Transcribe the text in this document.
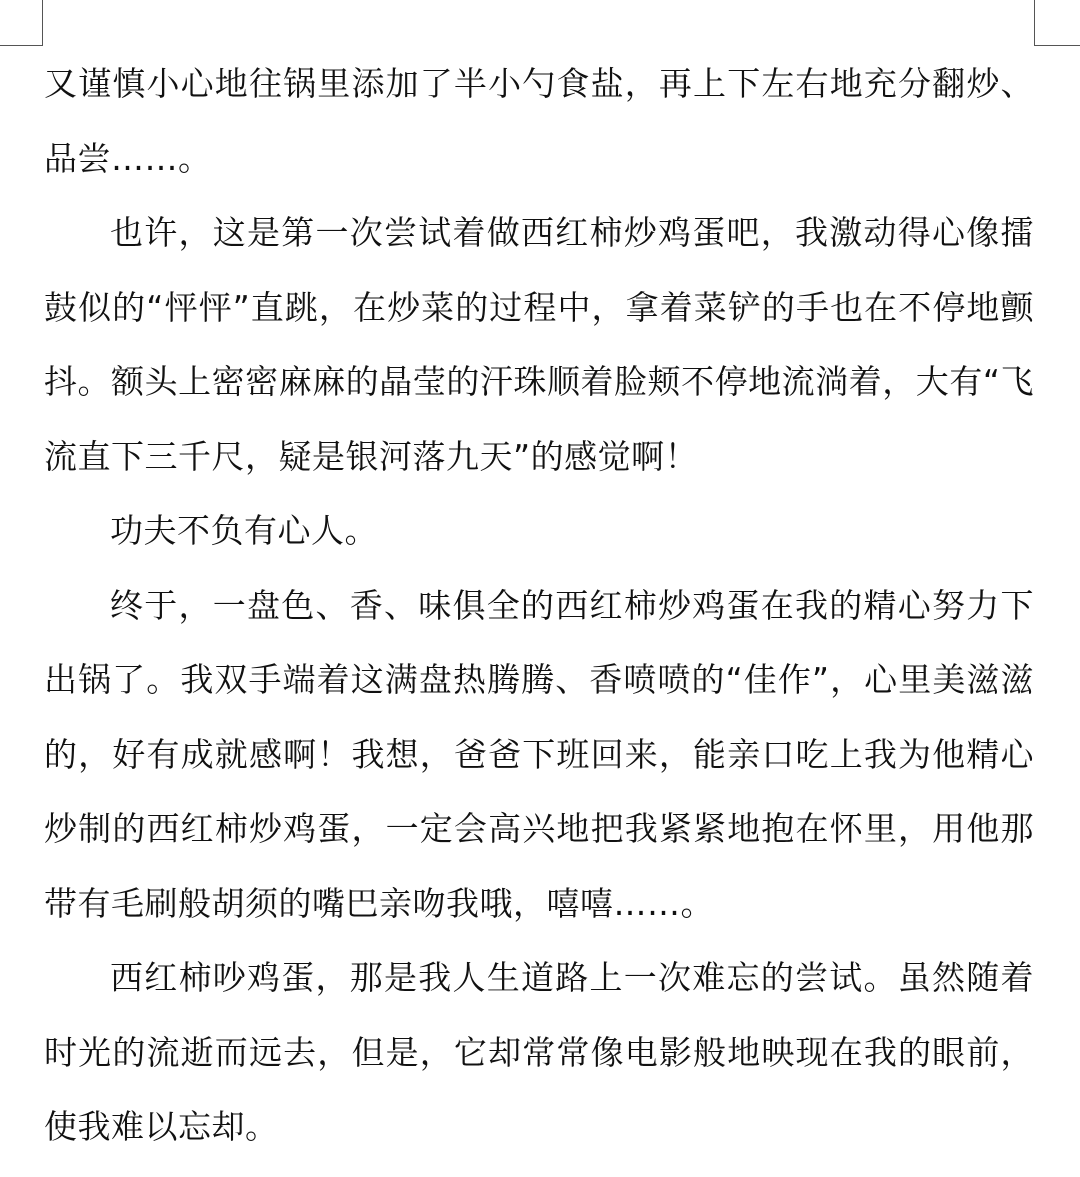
又谨慎小心地往锅里添加了半小勺食盐，再上下左右地充分翻炒、品尝……。

也许，这是第一次尝试着做西红柿炒鸡蛋吧，我激动得心像擂鼓似的“怦怦”直跳，在炒菜的过程中，拿着菜铲的手也在不停地颤抖。额头上密密麻麻的晶莹的汗珠顺着脸颊不停地流淌着，大有“飞流直下三千尺，疑是银河落九天”的感觉啊！

功夫不负有心人。

终于，一盘色、香、味俱全的西红柿炒鸡蛋在我的精心努力下出锅了。我双手端着这满盘热腾腾、香喷喷的“佳作”，心里美滋滋的，好有成就感啊！我想，爸爸下班回来，能亲口吃上我为他精心炒制的西红柿炒鸡蛋，一定会高兴地把我紧紧地抱在怀里，用他那带有毛刷般胡须的嘴巴亲吻我哦，嘻嘻……。

西红柿吵鸡蛋，那是我人生道路上一次难忘的尝试。虽然随着时光的流逝而远去，但是，它却常常像电影般地映现在我的眼前，使我难以忘却。
